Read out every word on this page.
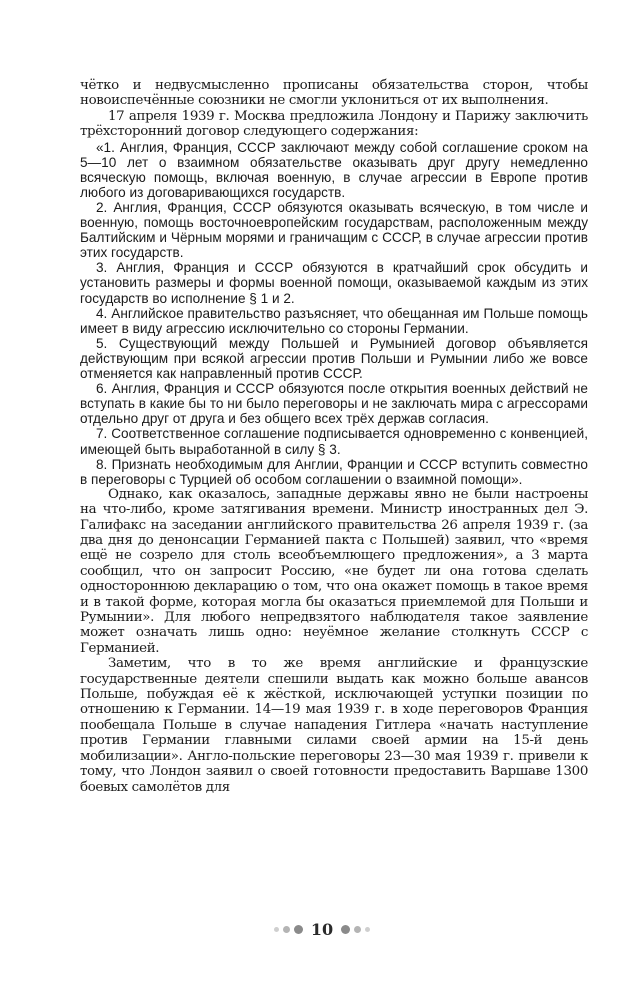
чётко и недвусмысленно прописаны обязательства сторон, чтобы новоиспечённые союзники не смогли уклониться от их выполнения.

17 апреля 1939 г. Москва предложила Лондону и Парижу заключить трёхсторонний договор следующего содержания:

«1. Англия, Франция, СССР заключают между собой соглашение сроком на 5—10 лет о взаимном обязательстве оказывать друг другу немедленно всяческую помощь, включая военную, в случае агрессии в Европе против любого из договаривающихся государств.

2. Англия, Франция, СССР обязуются оказывать всяческую, в том числе и военную, помощь восточноевропейским государствам, расположенным между Балтийским и Чёрным морями и граничащим с СССР, в случае агрессии против этих государств.

3. Англия, Франция и СССР обязуются в кратчайший срок обсудить и установить размеры и формы военной помощи, оказываемой каждым из этих государств во исполнение § 1 и 2.

4. Английское правительство разъясняет, что обещанная им Польше помощь имеет в виду агрессию исключительно со стороны Германии.

5. Существующий между Польшей и Румынией договор объявляется действующим при всякой агрессии против Польши и Румынии либо же вовсе отменяется как направленный против СССР.

6. Англия, Франция и СССР обязуются после открытия военных действий не вступать в какие бы то ни было переговоры и не заключать мира с агрессорами отдельно друг от друга и без общего всех трёх держав согласия.

7. Соответственное соглашение подписывается одновременно с конвенцией, имеющей быть выработанной в силу § 3.

8. Признать необходимым для Англии, Франции и СССР вступить совместно в переговоры с Турцией об особом соглашении о взаимной помощи».

Однако, как оказалось, западные державы явно не были настроены на что-либо, кроме затягивания времени. Министр иностранных дел Э. Галифакс на заседании английского правительства 26 апреля 1939 г. (за два дня до денонсации Германией пакта с Польшей) заявил, что «время ещё не созрело для столь всеобъемлющего предложения», а 3 марта сообщил, что он запросит Россию, «не будет ли она готова сделать одностороннюю декларацию о том, что она окажет помощь в такое время и в такой форме, которая могла бы оказаться приемлемой для Польши и Румынии». Для любого непредвзятого наблюдателя такое заявление может означать лишь одно: неуёмное желание столкнуть СССР с Германией.

Заметим, что в то же время английские и французские государственные деятели спешили выдать как можно больше авансов Польше, побуждая её к жёсткой, исключающей уступки позиции по отношению к Германии. 14—19 мая 1939 г. в ходе переговоров Франция пообещала Польше в случае нападения Гитлера «начать наступление против Германии главными силами своей армии на 15-й день мобилизации». Англо-польские переговоры 23—30 мая 1939 г. привели к тому, что Лондон заявил о своей готовности предоставить Варшаве 1300 боевых самолётов для

10
